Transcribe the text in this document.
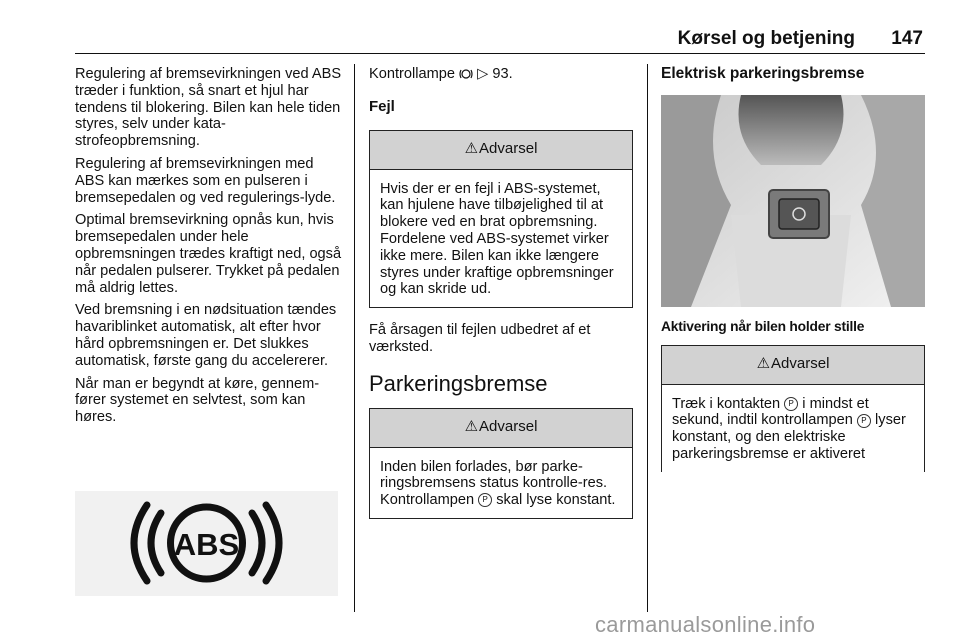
Kørsel og betjening 147

Regulering af bremsevirkningen ved ABS træder i funktion, så snart et hjul har tendens til blokering. Bilen kan hele tiden styres, selv under kata-strofeopbremsning.

Regulering af bremsevirkningen med ABS kan mærkes som en pulseren i bremsepedalen og ved regulerings-lyde.

Optimal bremsevirkning opnås kun, hvis bremsepedalen under hele opbremsningen trædes kraftigt ned, også når pedalen pulserer. Trykket på pedalen må aldrig lettes.

Ved bremsning i en nødsituation tændes havariblinket automatisk, alt efter hvor hård opbremsningen er. Det slukkes automatisk, første gang du accelererer.

Når man er begyndt at køre, gennem-fører systemet en selvtest, som kan høres.

ABS

Kontrollampe ▷ 93.

Fejl
⚠ Advarsel
Hvis der er en fejl i ABS-systemet, kan hjulene have tilbøjelighed til at blokere ved en brat opbremsning. Fordelene ved ABS-systemet virker ikke mere. Bilen kan ikke længere styres under kraftige opbremsninger og kan skride ud.

Få årsagen til fejlen udbedret af et værksted.

Parkeringsbremse
⚠ Advarsel
Inden bilen forlades, bør parke-ringsbremsens status kontrolle-res. Kontrollampen P skal lyse konstant.
Elektrisk parkeringsbremse
Aktivering når bilen holder stille
⚠ Advarsel
Træk i kontakten P i mindst et sekund, indtil kontrollampen P lyser konstant, og den elektriske parkeringsbremse er aktiveret
carmanualsonline.info
